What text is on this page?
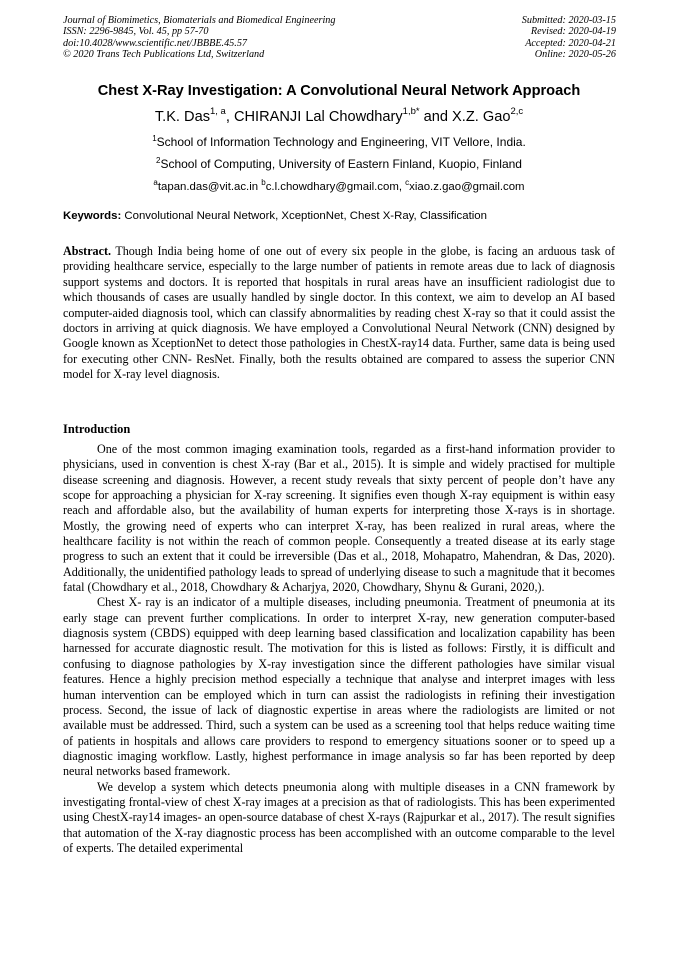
Journal of Biomimetics, Biomaterials and Biomedical Engineering	Submitted: 2020-03-15
ISSN: 2296-9845, Vol. 45, pp 57-70	Revised: 2020-04-19
doi:10.4028/www.scientific.net/JBBBE.45.57	Accepted: 2020-04-21
© 2020 Trans Tech Publications Ltd, Switzerland	Online: 2020-05-26
Chest X-Ray Investigation: A Convolutional Neural Network Approach
T.K. Das$^{1, a}$, CHIRANJI Lal Chowdhary$^{1,b*}$ and X.Z. Gao$^{2,c}$
$^1$School of Information Technology and Engineering, VIT Vellore, India.
$^2$School of Computing, University of Eastern Finland, Kuopio, Finland
$^a$tapan.das@vit.ac.in $^b$c.l.chowdhary@gmail.com, $^c$xiao.z.gao@gmail.com
Keywords: Convolutional Neural Network, XceptionNet, Chest X-Ray, Classification

Abstract. Though India being home of one out of every six people in the globe, is facing an arduous task of providing healthcare service, especially to the large number of patients in remote areas due to lack of diagnosis support systems and doctors. It is reported that hospitals in rural areas have an insufficient radiologist due to which thousands of cases are usually handled by single doctor. In this context, we aim to develop an AI based computer-aided diagnosis tool, which can classify abnormalities by reading chest X-ray so that it could assist the doctors in arriving at quick diagnosis. We have employed a Convolutional Neural Network (CNN) designed by Google known as XceptionNet to detect those pathologies in ChestX-ray14 data. Further, same data is being used for executing other CNN- ResNet. Finally, both the results obtained are compared to assess the superior CNN model for X-ray level diagnosis.

Introduction

One of the most common imaging examination tools, regarded as a first-hand information provider to physicians, used in convention is chest X-ray (Bar et al., 2015). It is simple and widely practised for multiple disease screening and diagnosis. However, a recent study reveals that sixty percent of people don’t have any scope for approaching a physician for X-ray screening. It signifies even though X-ray equipment is within easy reach and affordable also, but the availability of human experts for interpreting those X-rays is in shortage. Mostly, the growing need of experts who can interpret X-ray, has been realized in rural areas, where the healthcare facility is not within the reach of common people. Consequently a treated disease at its early stage progress to such an extent that it could be irreversible (Das et al., 2018, Mohapatro, Mahendran, & Das, 2020). Additionally, the unidentified pathology leads to spread of underlying disease to such a magnitude that it becomes fatal (Chowdhary et al., 2018, Chowdhary & Acharjya, 2020, Chowdhary, Shynu & Gurani, 2020,).

Chest X- ray is an indicator of a multiple diseases, including pneumonia. Treatment of pneumonia at its early stage can prevent further complications. In order to interpret X-ray, new generation computer-based diagnosis system (CBDS) equipped with deep learning based classification and localization capability has been harnessed for accurate diagnostic result. The motivation for this is listed as follows: Firstly, it is difficult and confusing to diagnose pathologies by X-ray investigation since the different pathologies have similar visual features. Hence a highly precision method especially a technique that analyse and interpret images with less human intervention can be employed which in turn can assist the radiologists in refining their investigation process. Second, the issue of lack of diagnostic expertise in areas where the radiologists are limited or not available must be addressed. Third, such a system can be used as a screening tool that helps reduce waiting time of patients in hospitals and allows care providers to respond to emergency situations sooner or to speed up a diagnostic imaging workflow. Lastly, highest performance in image analysis so far has been reported by deep neural networks based framework.

We develop a system which detects pneumonia along with multiple diseases in a CNN framework by investigating frontal-view of chest X-ray images at a precision as that of radiologists. This has been experimented using ChestX-ray14 images- an open-source database of chest X-rays (Rajpurkar et al., 2017). The result signifies that automation of the X-ray diagnostic process has been accomplished with an outcome comparable to the level of experts. The detailed experimental
